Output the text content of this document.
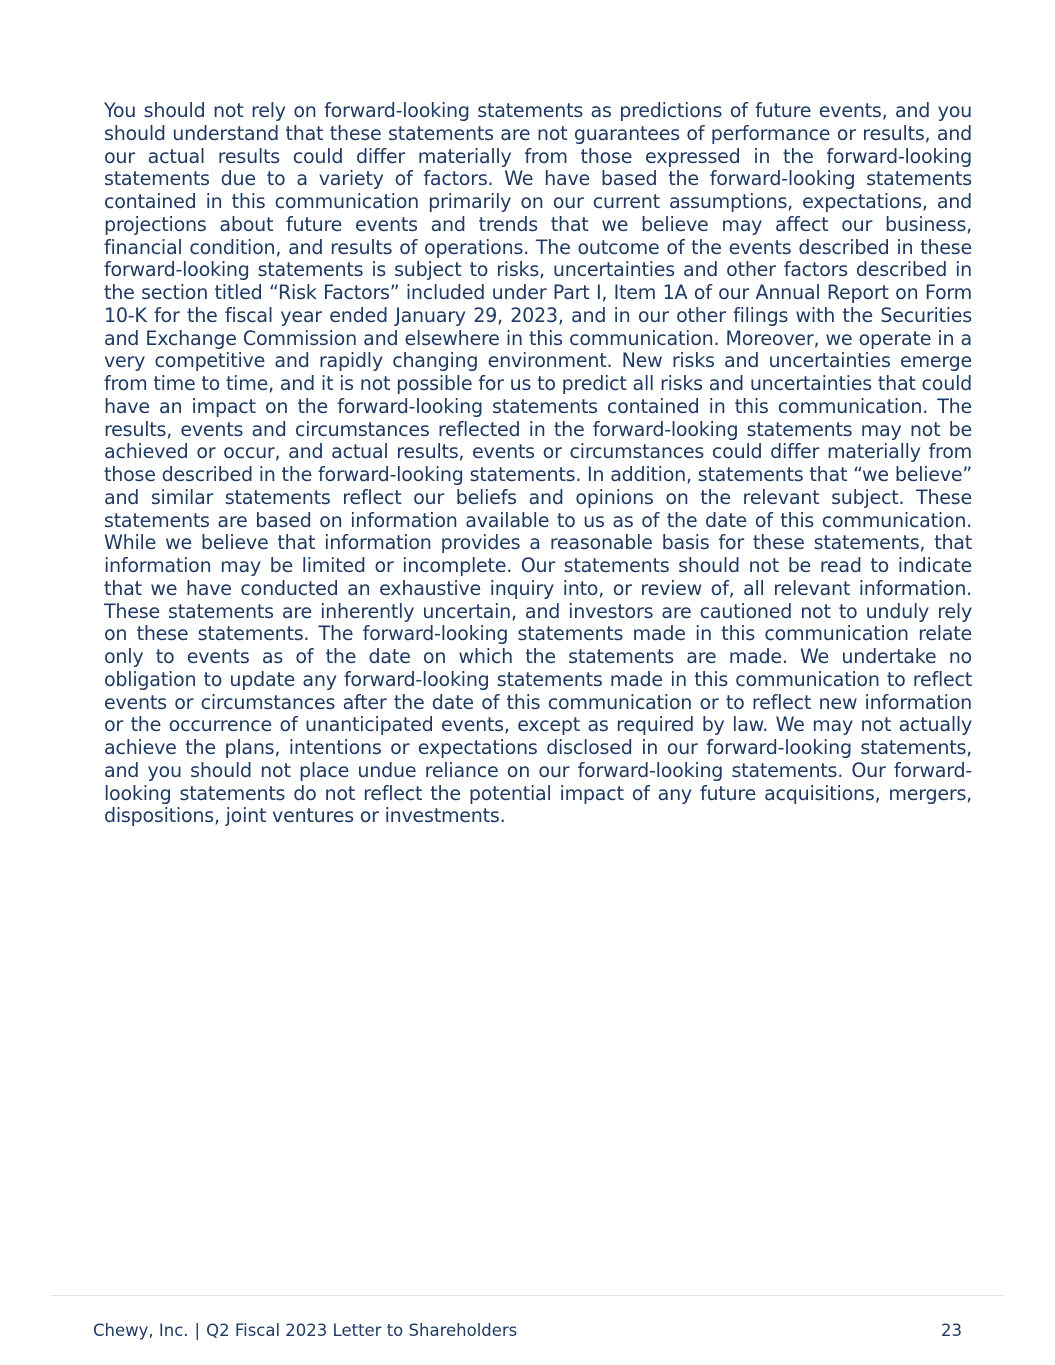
You should not rely on forward-looking statements as predictions of future events, and you should understand that these statements are not guarantees of performance or results, and our actual results could differ materially from those expressed in the forward-looking statements due to a variety of factors. We have based the forward-looking statements contained in this communication primarily on our current assumptions, expectations, and projections about future events and trends that we believe may affect our business, financial condition, and results of operations. The outcome of the events described in these forward-looking statements is subject to risks, uncertainties and other factors described in the section titled “Risk Factors” included under Part I, Item 1A of our Annual Report on Form 10-K for the fiscal year ended January 29, 2023, and in our other filings with the Securities and Exchange Commission and elsewhere in this communication. Moreover, we operate in a very competitive and rapidly changing environment. New risks and uncertainties emerge from time to time, and it is not possible for us to predict all risks and uncertainties that could have an impact on the forward-looking statements contained in this communication. The results, events and circumstances reflected in the forward-looking statements may not be achieved or occur, and actual results, events or circumstances could differ materially from those described in the forward-looking statements. In addition, statements that “we believe” and similar statements reflect our beliefs and opinions on the relevant subject. These statements are based on information available to us as of the date of this communication. While we believe that information provides a reasonable basis for these statements, that information may be limited or incomplete. Our statements should not be read to indicate that we have conducted an exhaustive inquiry into, or review of, all relevant information. These statements are inherently uncertain, and investors are cautioned not to unduly rely on these statements. The forward-looking statements made in this communication relate only to events as of the date on which the statements are made. We undertake no obligation to update any forward-looking statements made in this communication to reflect events or circumstances after the date of this communication or to reflect new information or the occurrence of unanticipated events, except as required by law. We may not actually achieve the plans, intentions or expectations disclosed in our forward-looking statements, and you should not place undue reliance on our forward-looking statements. Our forward-looking statements do not reflect the potential impact of any future acquisitions, mergers, dispositions, joint ventures or investments.

Chewy, Inc. | Q2 Fiscal 2023 Letter to Shareholders	23
